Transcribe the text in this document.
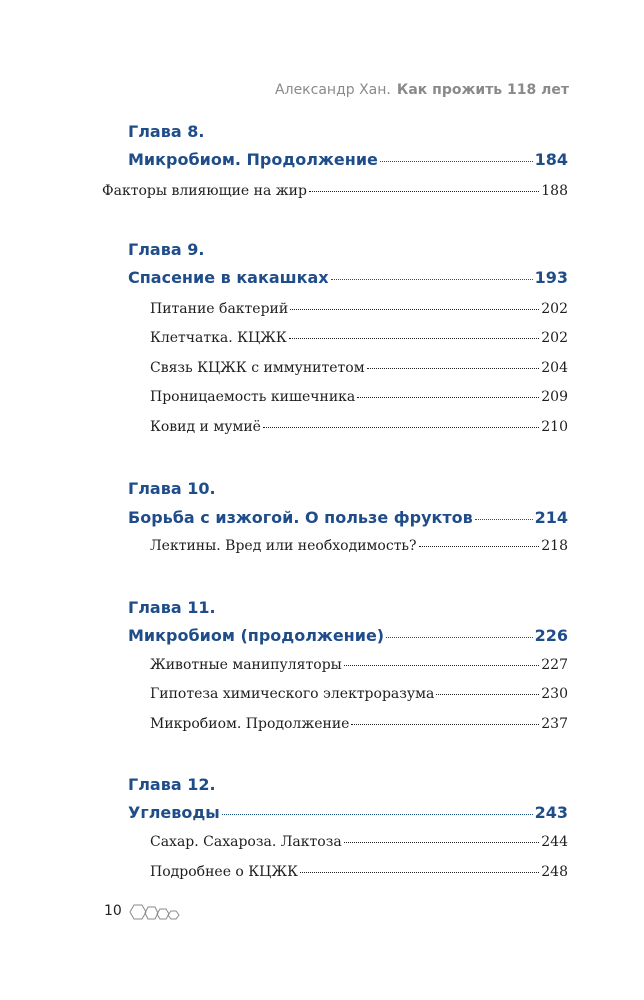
Александр Хан. Как прожить 118 лет
Глава 8.
Микробиом. Продолжение	184
Факторы влияющие на жир	188
Глава 9.
Спасение в какашках	193
Питание бактерий	202
Клетчатка. КЦЖК	202
Связь КЦЖК с иммунитетом	204
Проницаемость кишечника	209
Ковид и мумиё	210
Глава 10.
Борьба с изжогой. О пользе фруктов	214
Лектины. Вред или необходимость?	218
Глава 11.
Микробиом (продолжение)	226
Животные манипуляторы	227
Гипотеза химического электроразума	230
Микробиом. Продолжение	237
Глава 12.
Углеводы	243
Сахар. Сахароза. Лактоза	244
Подробнее о КЦЖК	248
10
